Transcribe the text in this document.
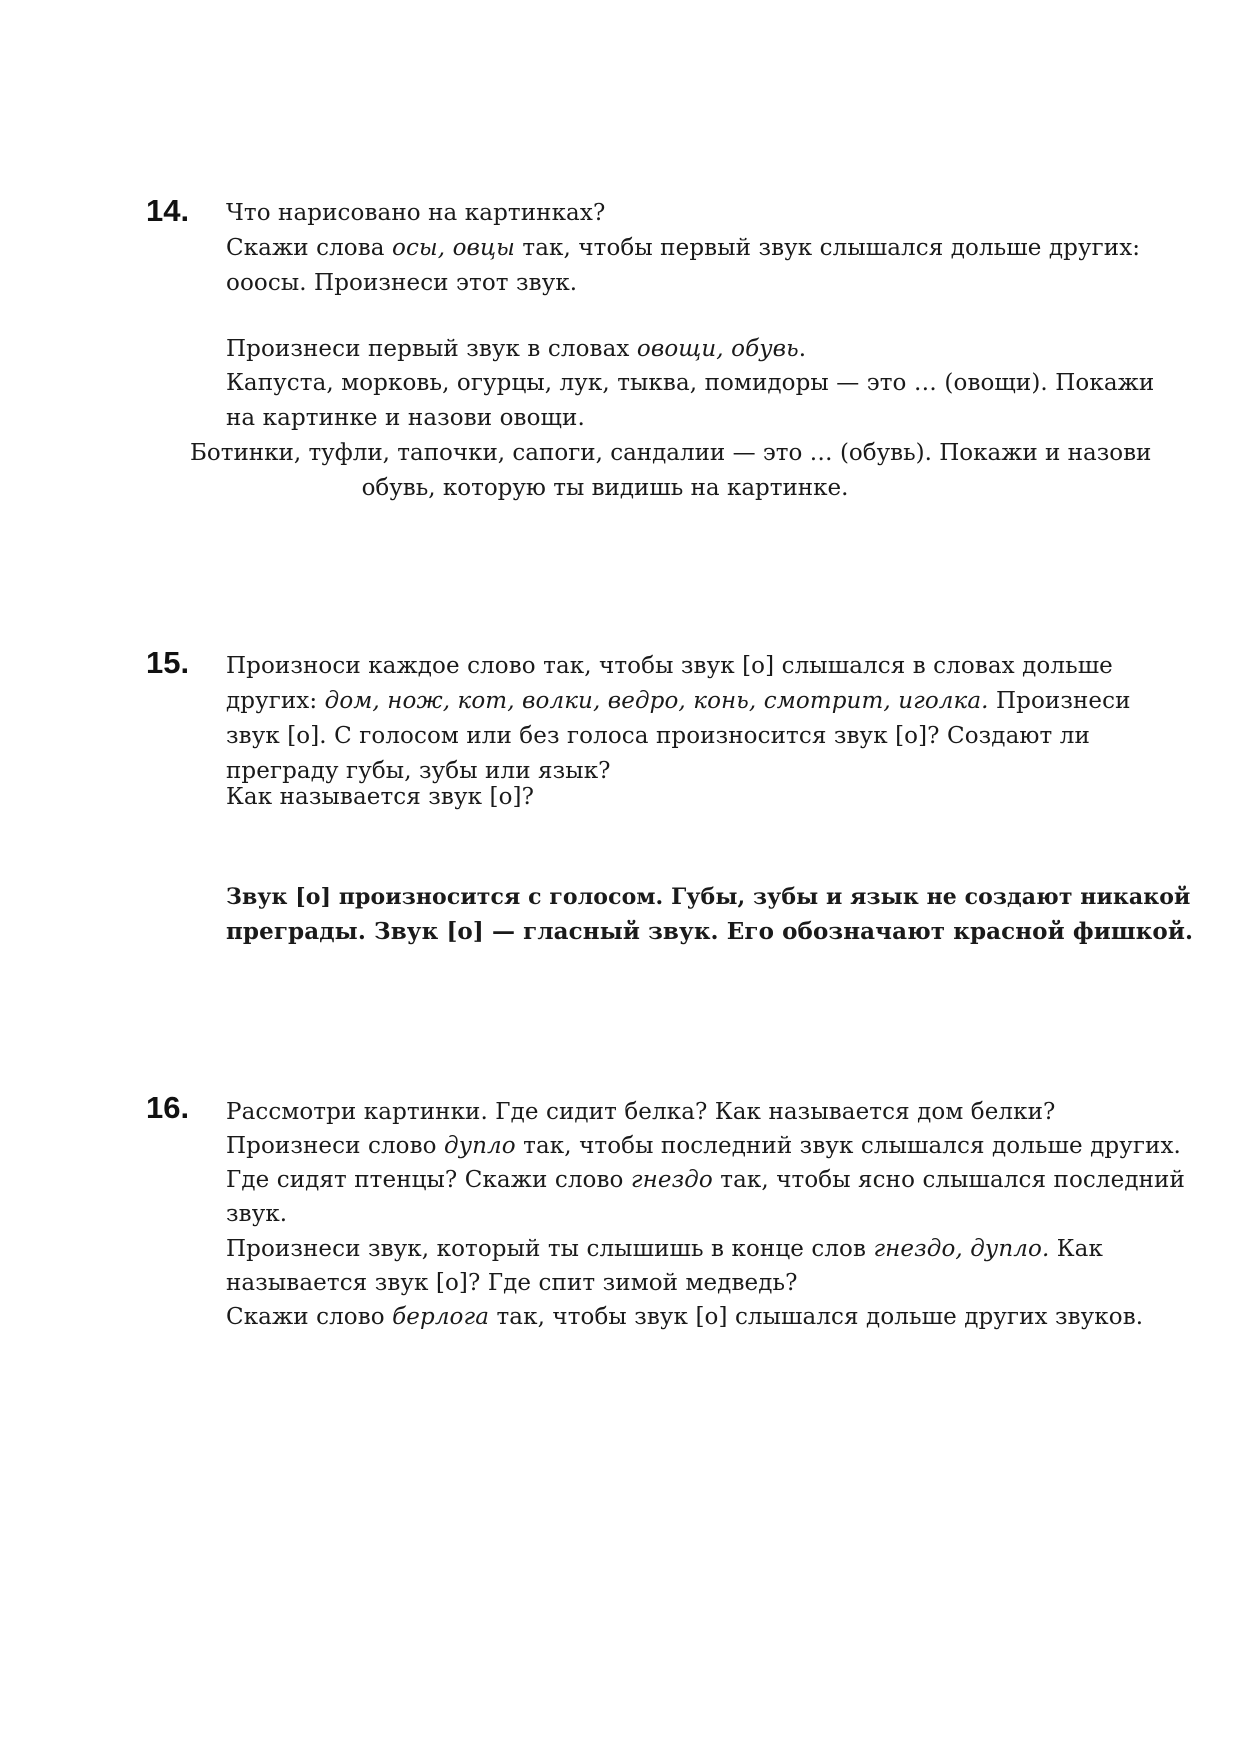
14. Что нарисовано на картинках?
Скажи слова осы, овцы так, чтобы первый звук слышался дольше других:
ооосы. Произнеси этот звук.
Произнеси первый звук в словах овощи, обувь.
Капуста, морковь, огурцы, лук, тыква, помидоры — это … (овощи). Покажи
на картинке и назови овощи.
Ботинки, туфли, тапочки, сапоги, сандалии — это … (обувь). Покажи и назови
обувь, которую ты видишь на картинке.
15. Произноси каждое слово так, чтобы звук [о] слышался в словах дольше
других: дом, нож, кот, волки, ведро, конь, смотрит, иголка. Произнеси
звук [о]. С голосом или без голоса произносится звук [о]? Создают ли
преграду губы, зубы или язык?
Как называется звук [о]?
Звук [о] произносится с голосом. Губы, зубы и язык не создают никакой
преграды. Звук [о] — гласный звук. Его обозначают красной фишкой.
16. Рассмотри картинки. Где сидит белка? Как называется дом белки?
Произнеси слово дупло так, чтобы последний звук слышался дольше других.
Где сидят птенцы? Скажи слово гнездо так, чтобы ясно слышался последний
звук.
Произнеси звук, который ты слышишь в конце слов гнездо, дупло. Как
называется звук [о]? Где спит зимой медведь?
Скажи слово берлога так, чтобы звук [о] слышался дольше других звуков.
